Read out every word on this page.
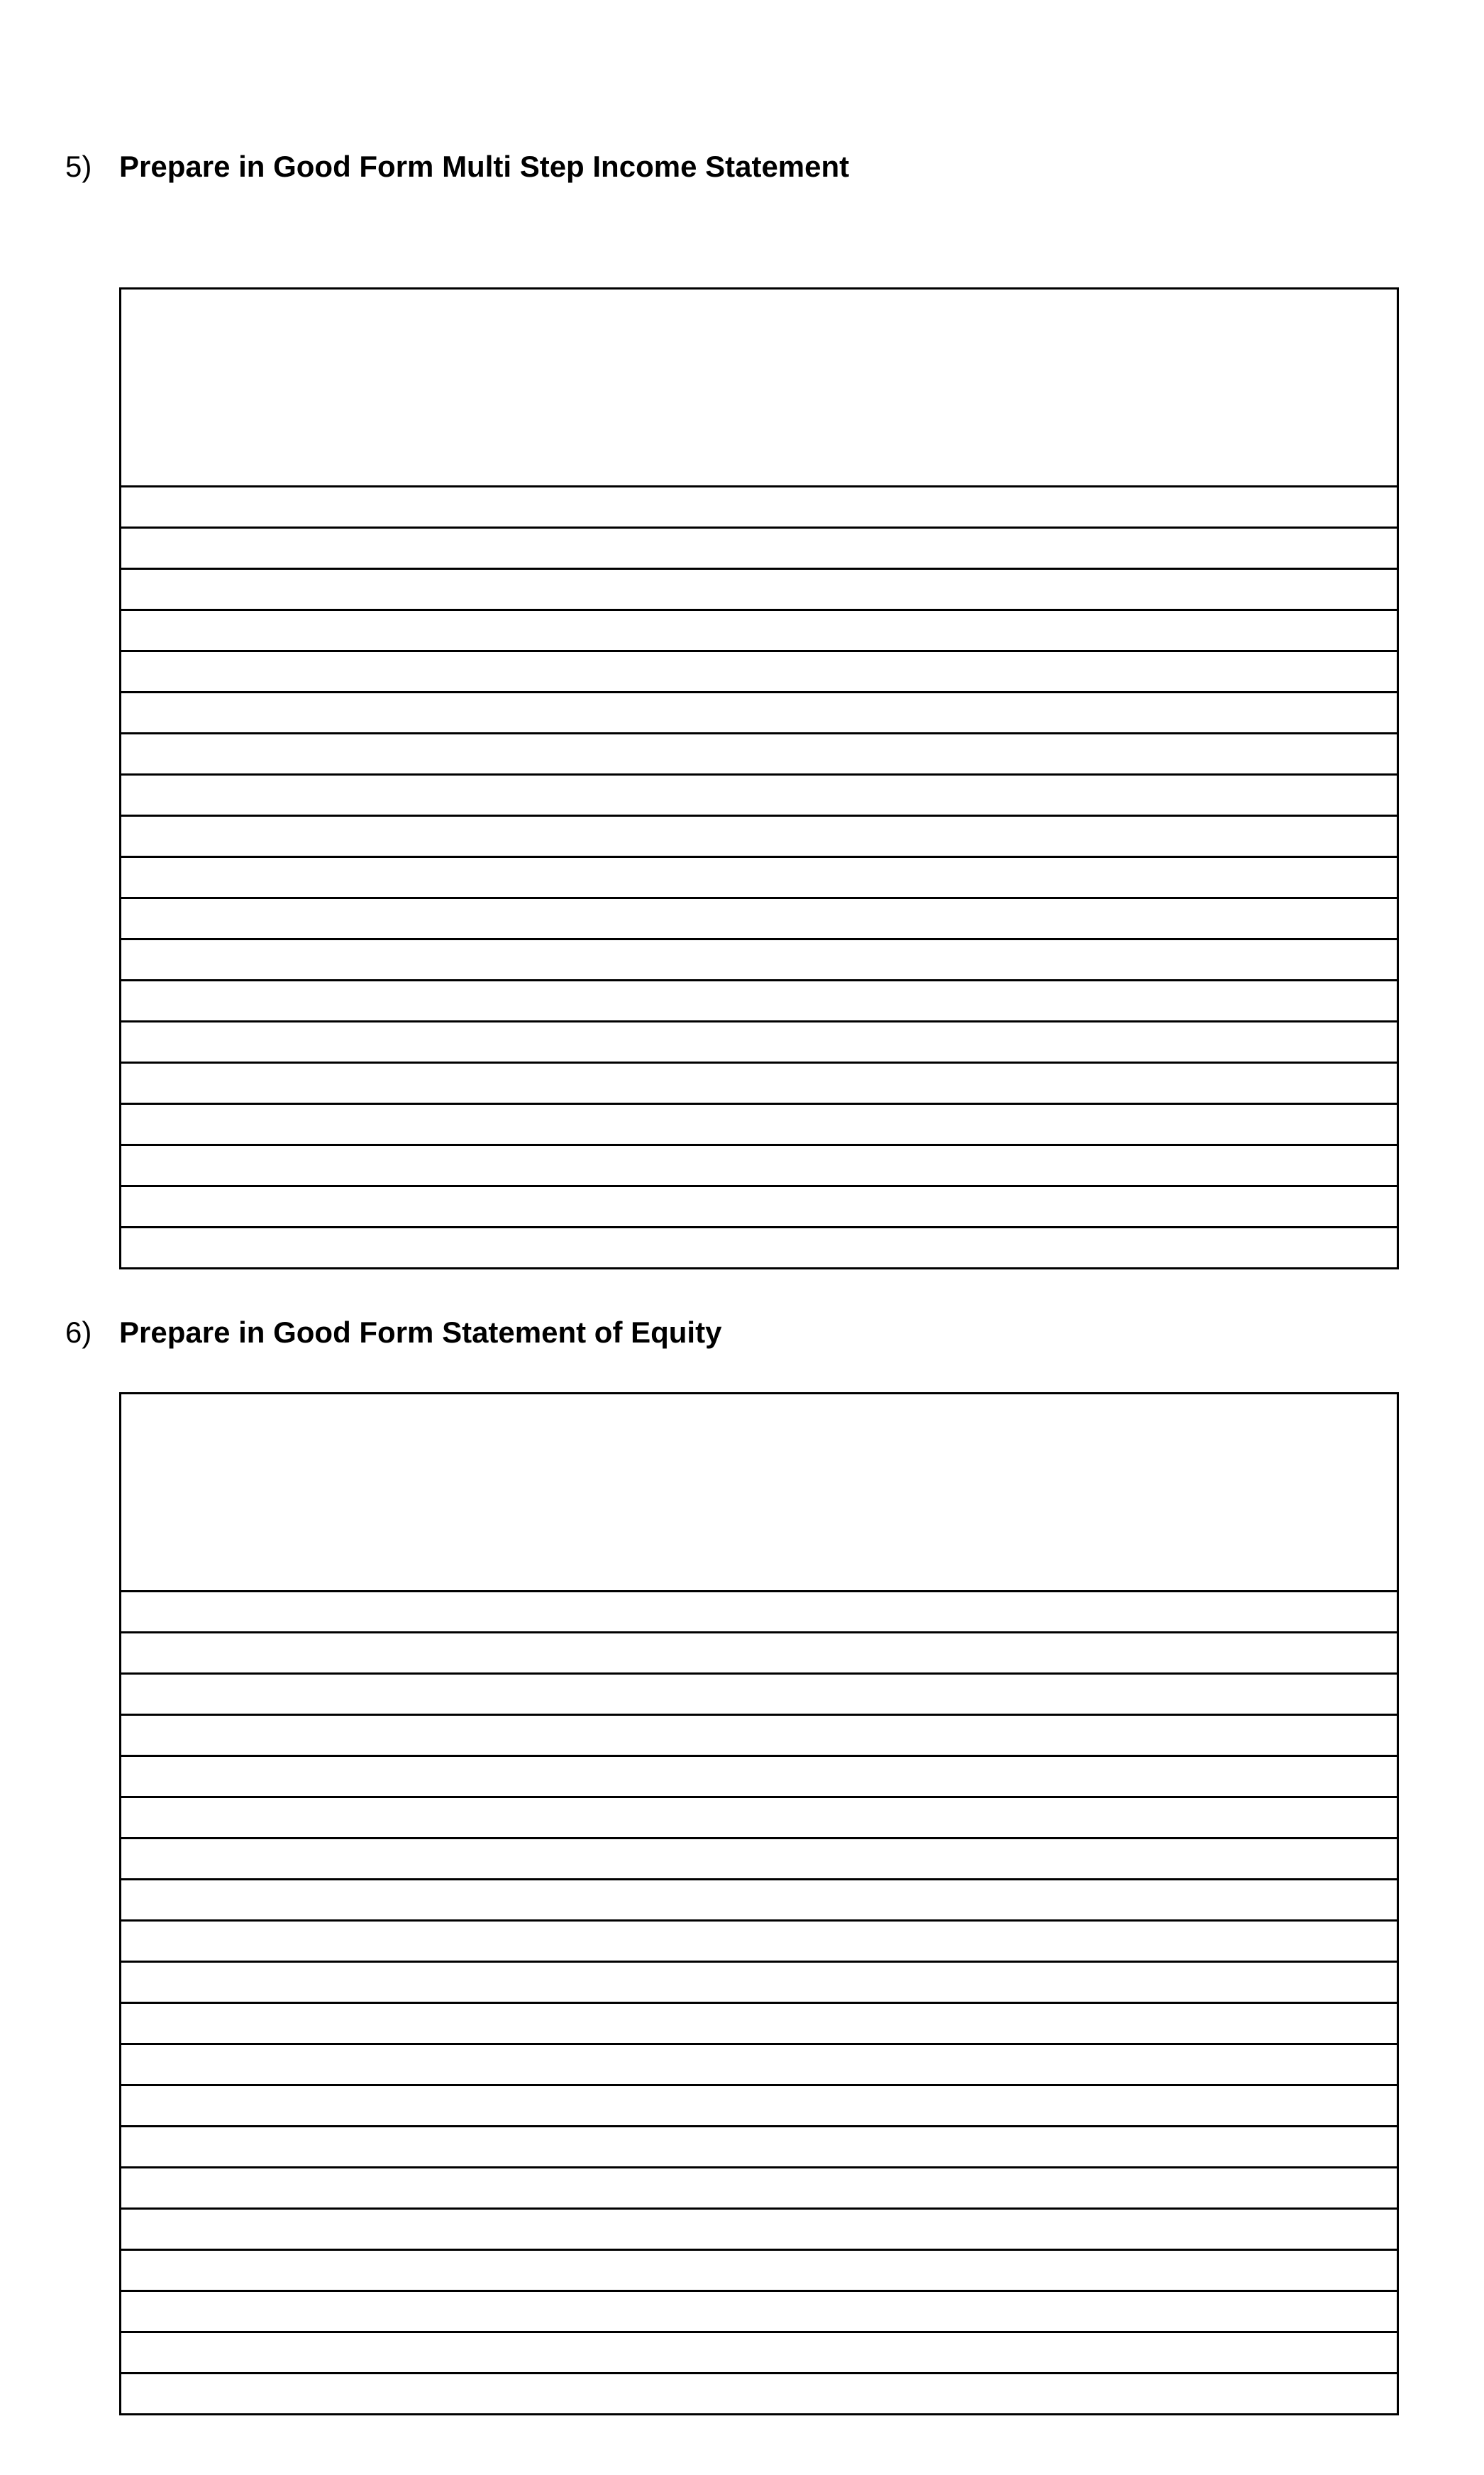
5) Prepare in Good Form Multi Step Income Statement
6) Prepare in Good Form Statement of Equity
